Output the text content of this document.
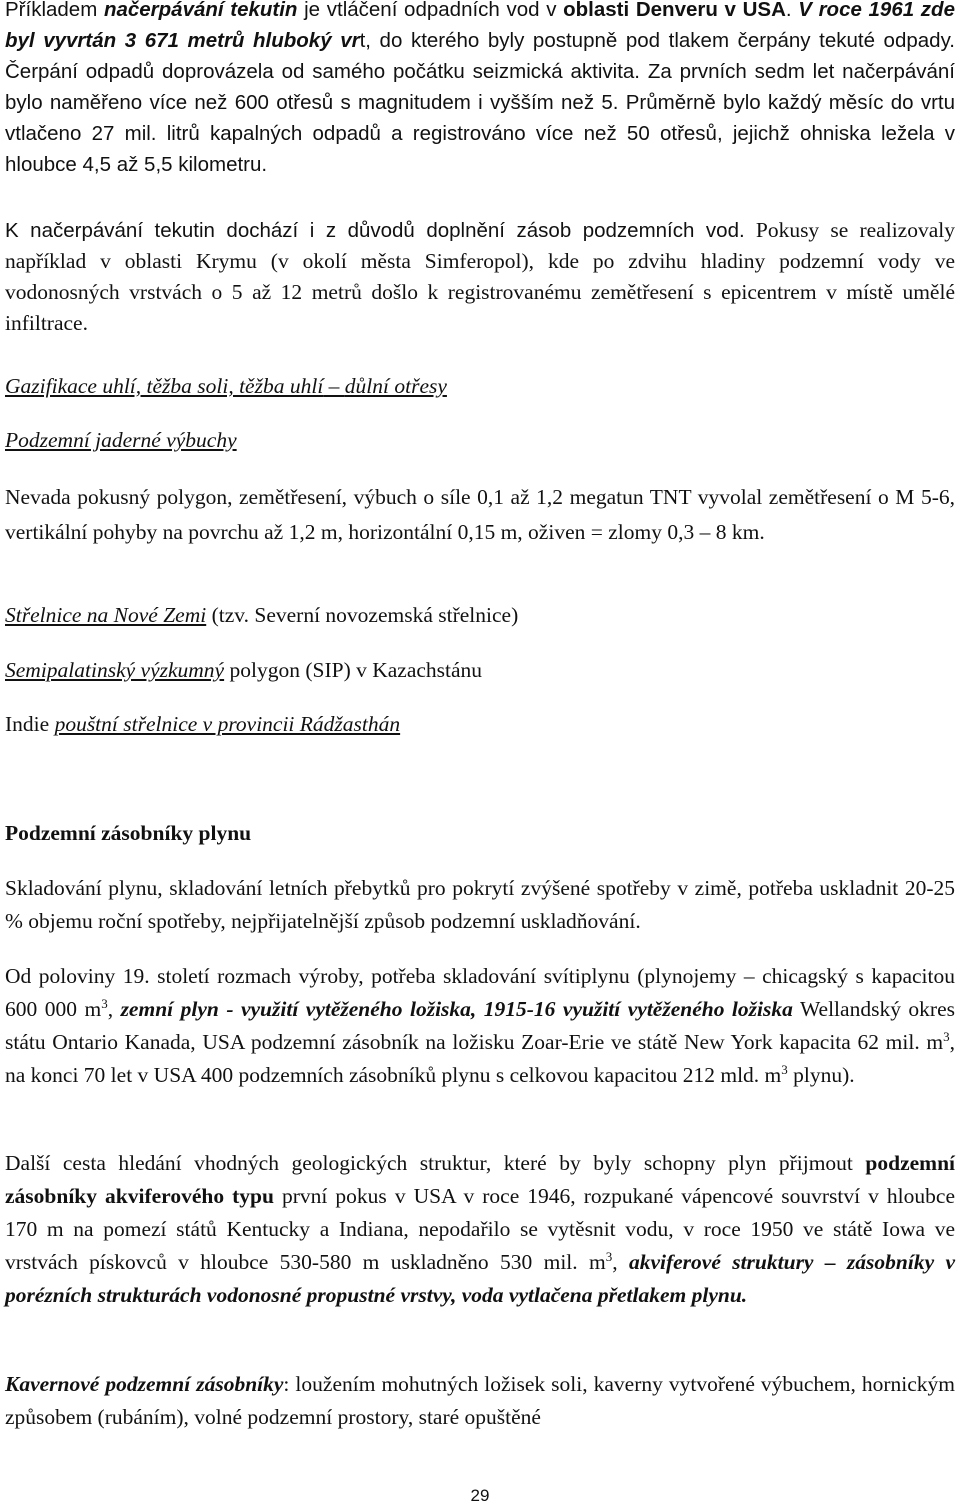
Příkladem načerpávání tekutin je vtláčení odpadních vod v oblasti Denveru v USA. V roce 1961 zde byl vyvrtán 3 671 metrů hluboký vrt, do kterého byly postupně pod tlakem čerpány tekuté odpady. Čerpání odpadů doprovázela od samého počátku seizmická aktivita. Za prvních sedm let načerpávání bylo naměřeno více než 600 otřesů s magnitudem i vyšším než 5. Průměrně bylo každý měsíc do vrtu vtlačeno 27 mil. litrů kapalných odpadů a registrováno více než 50 otřesů, jejichž ohniska ležela v hloubce 4,5 až 5,5 kilometru.

K načerpávání tekutin dochází i z důvodů doplnění zásob podzemních vod. Pokusy se realizovaly například v oblasti Krymu (v okolí města Simferopol), kde po zdvihu hladiny podzemní vody ve vodonosných vrstvách o 5 až 12 metrů došlo k registrovanému zemětřesení s epicentrem v místě umělé infiltrace.

Gazifikace uhlí, těžba soli, těžba uhlí – důlní otřesy

Podzemní jaderné výbuchy

Nevada pokusný polygon, zemětřesení, výbuch o síle 0,1 až 1,2 megatun TNT vyvolal zemětřesení o M 5-6, vertikální pohyby na povrchu až 1,2 m, horizontální 0,15 m, oživen = zlomy 0,3 – 8 km.

Střelnice na Nové Zemi (tzv. Severní novozemská střelnice)

Semipalatinský výzkumný polygon (SIP) v Kazachstánu

Indie pouštní střelnice v provincii Rádžasthán

Podzemní zásobníky plynu

Skladování plynu, skladování letních přebytků pro pokrytí zvýšené spotřeby v zimě, potřeba uskladnit 20-25 % objemu roční spotřeby, nejpřijatelnější způsob podzemní uskladňování.

Od poloviny 19. století rozmach výroby, potřeba skladování svítiplynu (plynojemy – chicagský s kapacitou 600 000 $m^3$, zemní plyn - využití vytěženého ložiska, 1915-16 využití vytěženého ložiska Wellandský okres státu Ontario Kanada, USA podzemní zásobník na ložisku Zoar-Erie ve státě New York kapacita 62 mil. $m^3$, na konci 70 let v USA 400 podzemních zásobníků plynu s celkovou kapacitou 212 mld. $m^3$ plynu).

Další cesta hledání vhodných geologických struktur, které by byly schopny plyn přijmout podzemní zásobníky akviferového typu první pokus v USA v roce 1946, rozpukané vápencové souvrství v hloubce 170 m na pomezí států Kentucky a Indiana, nepodařilo se vytěsnit vodu, v roce 1950 ve státě Iowa ve vrstvách pískovců v hloubce 530-580 m uskladněno 530 mil. $m^3$, akviferové struktury – zásobníky v porézních strukturách vodonosné propustné vrstvy, voda vytlačena přetlakem plynu.

Kavernové podzemní zásobníky: loužením mohutných ložisek soli, kaverny vytvořené výbuchem, hornickým způsobem (rubáním), volné podzemní prostory, staré opuštěné

29
